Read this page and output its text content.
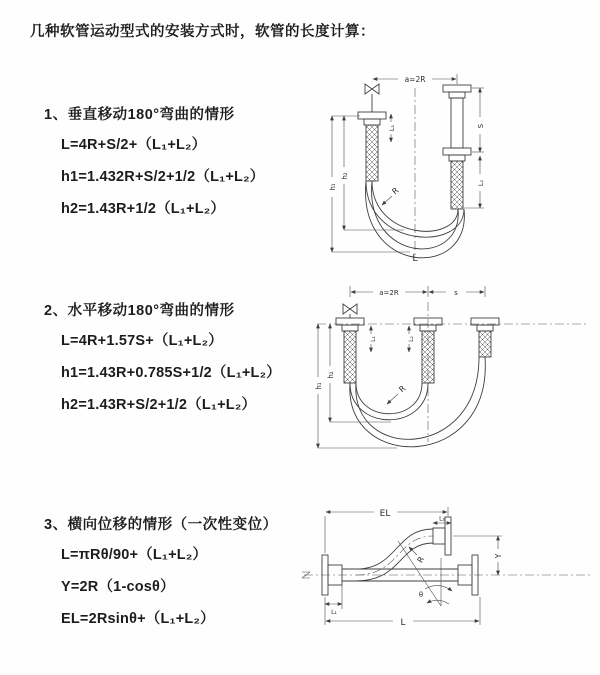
几种软管运动型式的安装方式时，软管的长度计算：
1、垂直移动180°弯曲的情形
L=4R+S/2+（L₁+L₂）
h1=1.432R+S/2+1/2（L₁+L₂）
h2=1.43R+1/2（L₁+L₂）
2、水平移动180°弯曲的情形
L=4R+1.57S+（L₁+L₂）
h1=1.43R+0.785S+1/2（L₁+L₂）
h2=1.43R+S/2+1/2（L₁+L₂）
3、横向位移的情形（一次性变位）
L=πRθ/90+（L₁+L₂）
Y=2R（1-cosθ）
EL=2Rsinθ+（L₁+L₂）
a=2R
h₁
h₂
S
L₂
L₁
R
L
a=2R	s
h₁
h₂
L₁	L₂
R
EL	L₂
Y
L
L₁
θ
R
